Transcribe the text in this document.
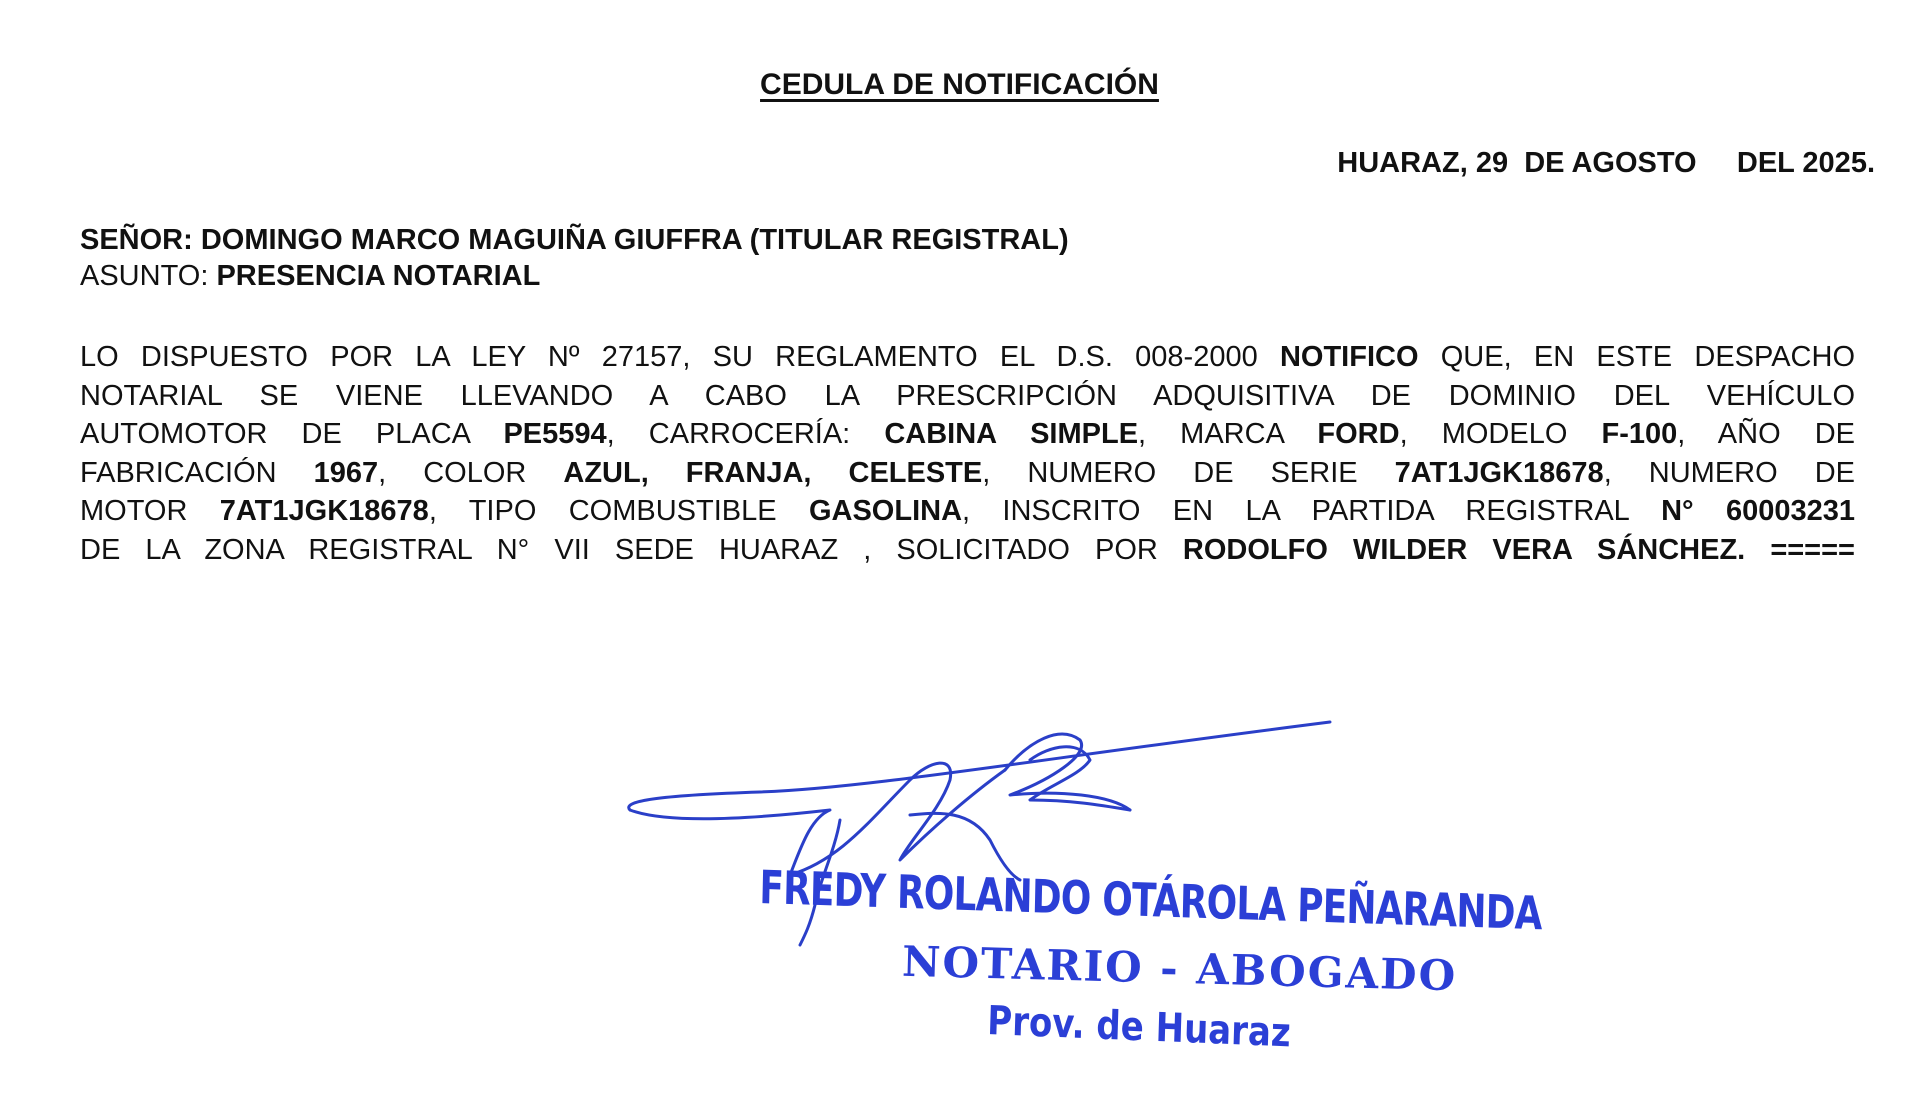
CEDULA DE NOTIFICACIÓN
HUARAZ, 29  DE AGOSTO     DEL 2025.
SEÑOR: DOMINGO MARCO MAGUIÑA GIUFFRA (TITULAR REGISTRAL)
ASUNTO: PRESENCIA NOTARIAL
LO DISPUESTO POR LA LEY Nº 27157, SU REGLAMENTO EL D.S. 008-2000 NOTIFICO QUE, EN ESTE DESPACHO
NOTARIAL SE VIENE LLEVANDO A CABO LA PRESCRIPCIÓN ADQUISITIVA DE DOMINIO DEL VEHÍCULO
AUTOMOTOR DE PLACA PE5594, CARROCERÍA: CABINA SIMPLE, MARCA FORD, MODELO F-100, AÑO DE
FABRICACIÓN 1967, COLOR AZUL, FRANJA, CELESTE, NUMERO DE SERIE 7AT1JGK18678, NUMERO DE
MOTOR 7AT1JGK18678, TIPO COMBUSTIBLE GASOLINA, INSCRITO EN LA PARTIDA REGISTRAL N° 60003231
DE LA ZONA REGISTRAL N° VII SEDE HUARAZ , SOLICITADO POR RODOLFO WILDER VERA SÁNCHEZ. =====
FREDY ROLANDO OTÁROLA PEÑARANDA
NOTARIO - ABOGADO
Prov. de Huaraz
